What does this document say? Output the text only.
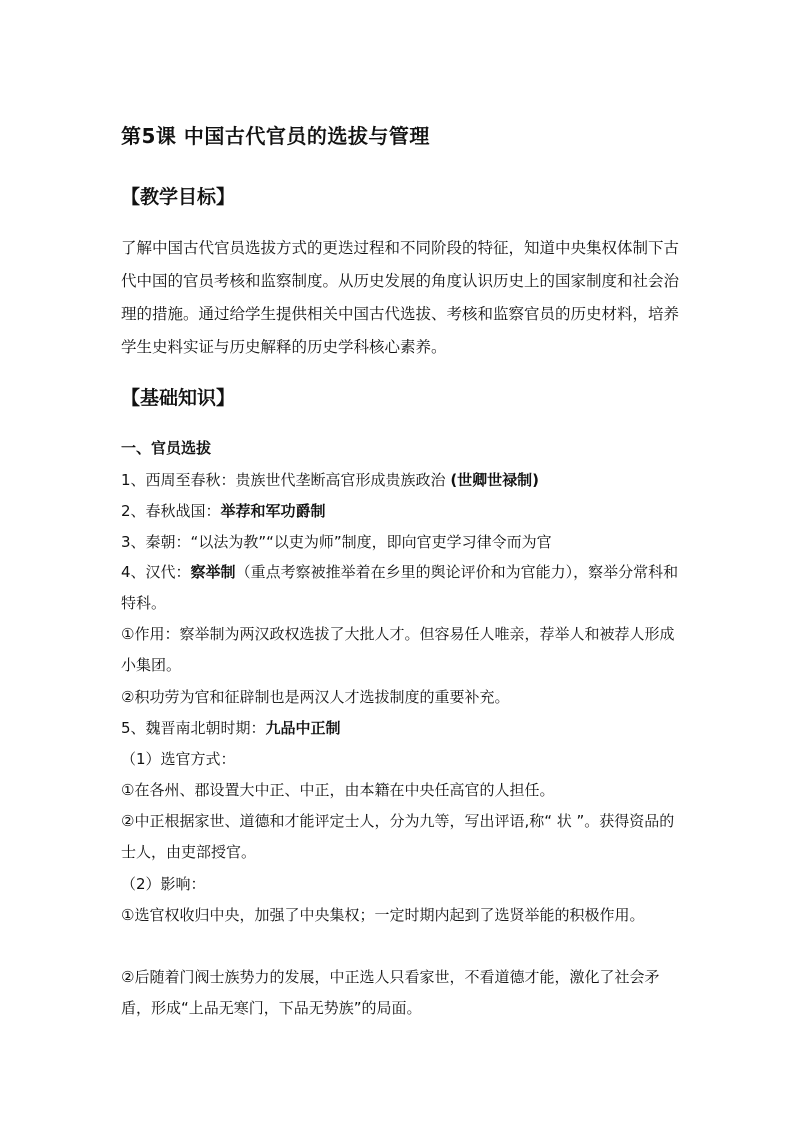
第5课 中国古代官员的选拔与管理
【教学目标】
了解中国古代官员选拔方式的更迭过程和不同阶段的特征，知道中央集权体制下古代中国的官员考核和监察制度。从历史发展的角度认识历史上的国家制度和社会治理的措施。通过给学生提供相关中国古代选拔、考核和监察官员的历史材料，培养学生史料实证与历史解释的历史学科核心素养。
【基础知识】
一、官员选拔
1、西周至春秋：贵族世代垄断高官形成贵族政治 (世卿世禄制)
2、春秋战国：举荐和军功爵制
3、秦朝：“以法为教”“以吏为师”制度，即向官吏学习律令而为官
4、汉代：察举制（重点考察被推举着在乡里的舆论评价和为官能力），察举分常科和特科。
①作用：察举制为两汉政权选拔了大批人才。但容易任人唯亲，荐举人和被荐人形成小集团。
②积功劳为官和征辟制也是两汉人才选拔制度的重要补充。
5、魏晋南北朝时期：九品中正制
（1）选官方式：
①在各州、郡设置大中正、中正，由本籍在中央任高官的人担任。
②中正根据家世、道德和才能评定士人，分为九等，写出评语,称“ 状 ”。获得资品的士人，由吏部授官。
（2）影响：
①选官权收归中央，加强了中央集权；一定时期内起到了选贤举能的积极作用。
②后随着门阀士族势力的发展，中正选人只看家世，不看道德才能，激化了社会矛盾，形成“上品无寒门，下品无势族”的局面。
